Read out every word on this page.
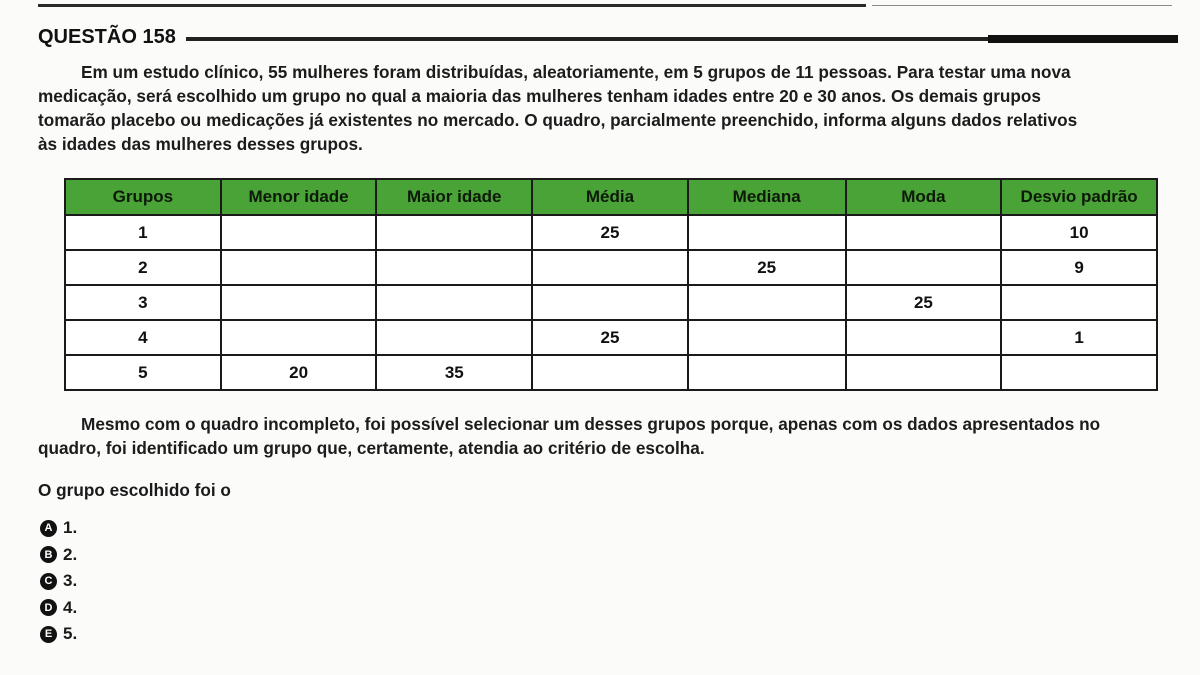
QUESTÃO 158
Em um estudo clínico, 55 mulheres foram distribuídas, aleatoriamente, em 5 grupos de 11 pessoas. Para testar uma nova
medicação, será escolhido um grupo no qual a maioria das mulheres tenham idades entre 20 e 30 anos. Os demais grupos
tomarão placebo ou medicações já existentes no mercado. O quadro, parcialmente preenchido, informa alguns dados relativos
às idades das mulheres desses grupos.
Grupos	Menor idade	Maior idade	Média	Mediana	Moda	Desvio padrão
1			25			10
2				25		9
3					25	
4			25			1
5	20	35				
Mesmo com o quadro incompleto, foi possível selecionar um desses grupos porque, apenas com os dados apresentados no
quadro, foi identificado um grupo que, certamente, atendia ao critério de escolha.
O grupo escolhido foi o
A 1.
B 2.
C 3.
D 4.
E 5.
